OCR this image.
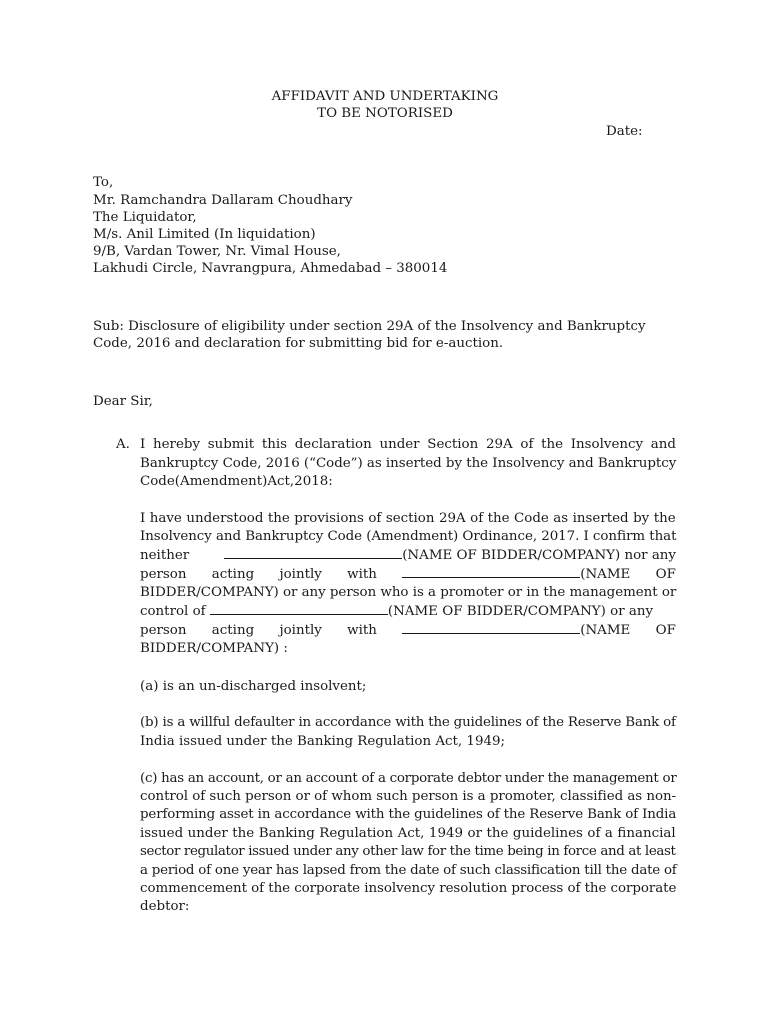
AFFIDAVIT AND UNDERTAKING
TO BE NOTORISED
Date:
To,
Mr. Ramchandra Dallaram Choudhary
The Liquidator,
M/s. Anil Limited (In liquidation)
9/B, Vardan Tower, Nr. Vimal House,
Lakhudi Circle, Navrangpura, Ahmedabad – 380014
Sub: Disclosure of eligibility under section 29A of the Insolvency and Bankruptcy
Code, 2016 and declaration for submitting bid for e-auction.
Dear Sir,
A. I hereby submit this declaration under Section 29A of the Insolvency and
Bankruptcy Code, 2016 (“Code”) as inserted by the Insolvency and Bankruptcy
Code(Amendment)Act,2018:
I have understood the provisions of section 29A of the Code as inserted by the
Insolvency and Bankruptcy Code (Amendment) Ordinance, 2017. I confirm that
neither	(NAME OF BIDDER/COMPANY) nor any
person acting jointly with	(NAME OF
BIDDER/COMPANY) or any person who is a promoter or in the management or
control of	(NAME OF BIDDER/COMPANY) or any
person acting jointly with	(NAME OF
BIDDER/COMPANY) :
(a) is an un-discharged insolvent;
(b) is a willful defaulter in accordance with the guidelines of the Reserve Bank of
India issued under the Banking Regulation Act, 1949;
(c) has an account, or an account of a corporate debtor under the management or
control of such person or of whom such person is a promoter, classified as non-
performing asset in accordance with the guidelines of the Reserve Bank of India
issued under the Banking Regulation Act, 1949 or the guidelines of a financial
sector regulator issued under any other law for the time being in force and at least
a period of one year has lapsed from the date of such classification till the date of
commencement of the corporate insolvency resolution process of the corporate
debtor:
